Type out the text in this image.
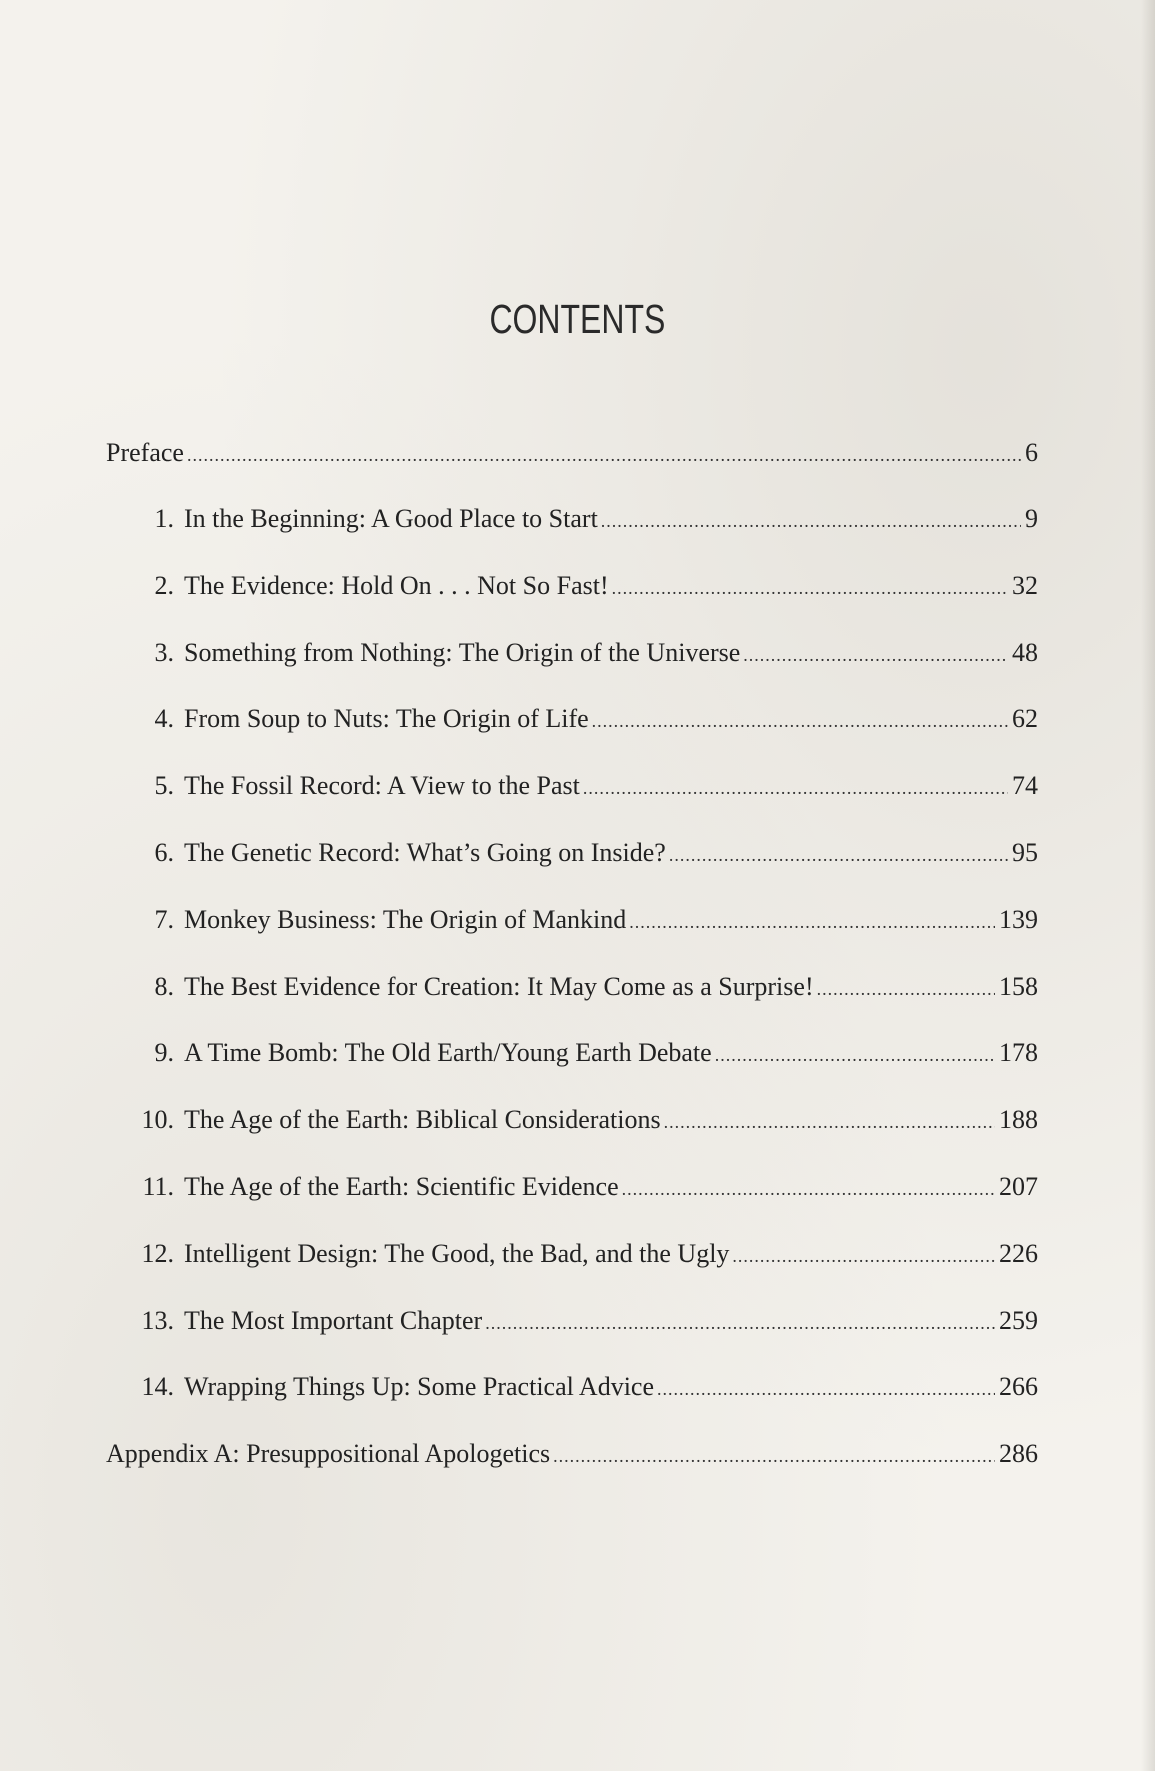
CONTENTS
Preface .....	6
1. In the Beginning: A Good Place to Start .....	9
2. The Evidence: Hold On . . . Not So Fast! .....	32
3. Something from Nothing: The Origin of the Universe .....	48
4. From Soup to Nuts: The Origin of Life .....	62
5. The Fossil Record: A View to the Past .....	74
6. The Genetic Record: What’s Going on Inside? .....	95
7. Monkey Business: The Origin of Mankind .....	139
8. The Best Evidence for Creation: It May Come as a Surprise! .....	158
9. A Time Bomb: The Old Earth/Young Earth Debate .....	178
10. The Age of the Earth: Biblical Considerations .....	188
11. The Age of the Earth: Scientific Evidence .....	207
12. Intelligent Design: The Good, the Bad, and the Ugly .....	226
13. The Most Important Chapter .....	259
14. Wrapping Things Up: Some Practical Advice .....	266
Appendix A: Presuppositional Apologetics .....	286
